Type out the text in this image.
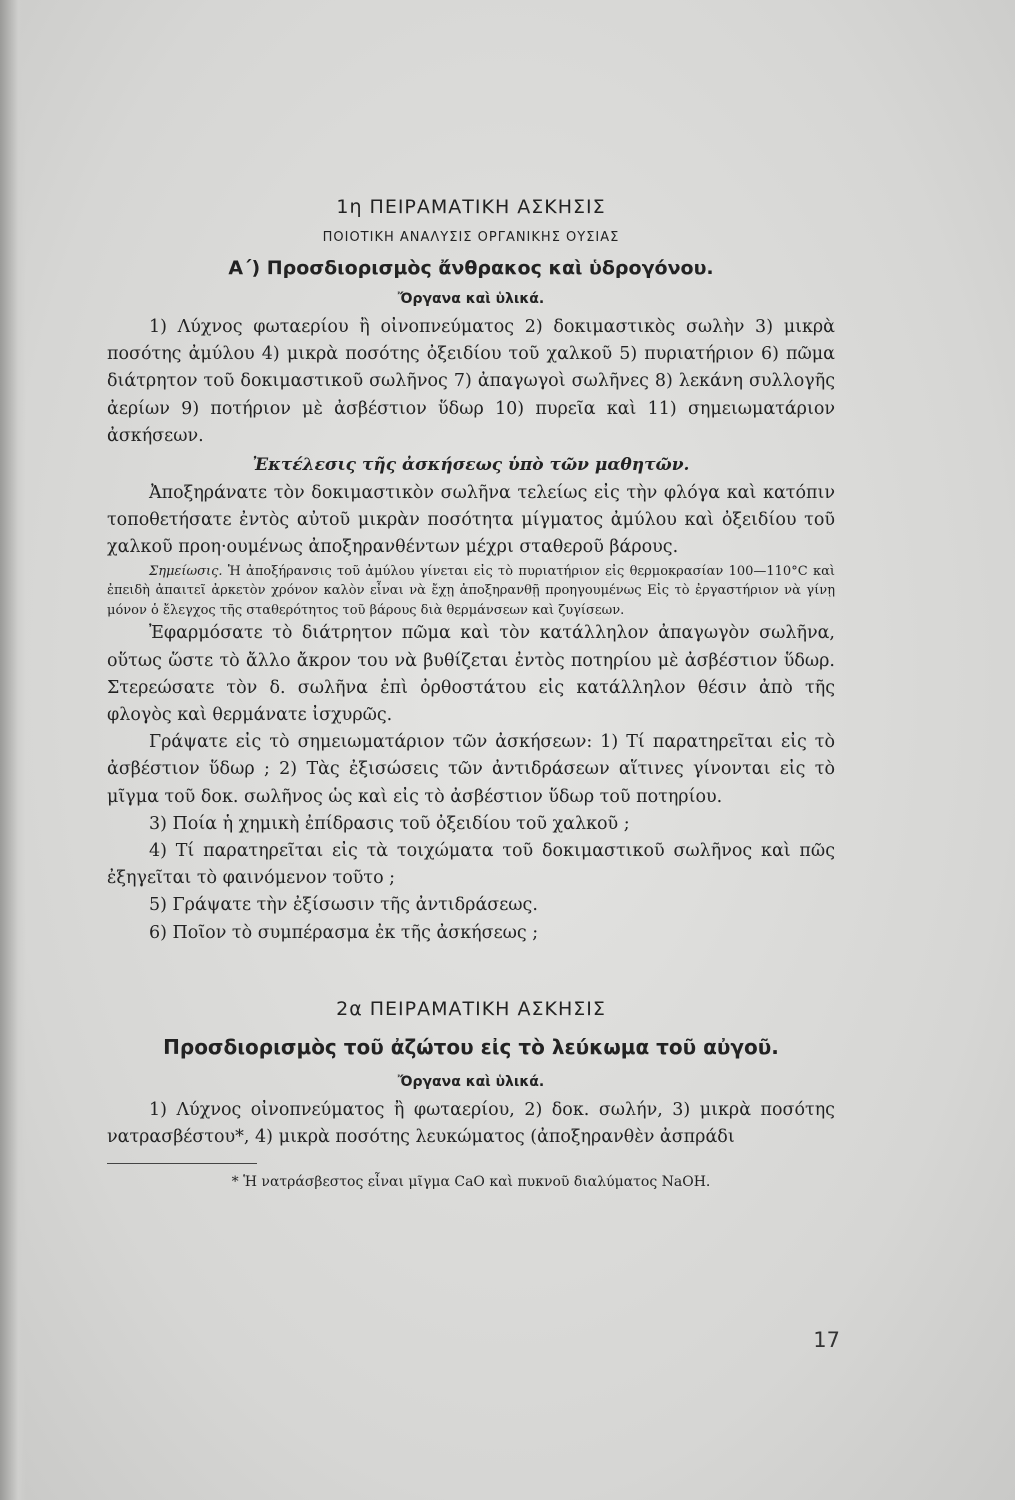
1η ΠΕΙΡΑΜΑΤΙΚΗ ΑΣΚΗΣΙΣ
ΠΟΙΟΤΙΚΗ ΑΝΑΛΥΣΙΣ ΟΡΓΑΝΙΚΗΣ ΟΥΣΙΑΣ
Α΄) Προσδιορισμὸς ἄνθρακος καὶ ὑδρογόνου.
Ὄργανα καὶ ὑλικά.

1) Λύχνος φωταερίου ἢ οἰνοπνεύματος 2) δοκιμαστικὸς σωλὴν 3) μικρὰ ποσότης ἀμύλου 4) μικρὰ ποσότης ὀξειδίου τοῦ χαλκοῦ 5) πυριατήριον 6) πῶμα διάτρητον τοῦ δοκιμαστικοῦ σωλῆνος 7) ἀπαγωγοὶ σωλῆνες 8) λεκάνη συλλογῆς ἀερίων 9) ποτήριον μὲ ἀσβέστιον ὕδωρ 10) πυρεῖα καὶ 11) σημειωματάριον ἀσκήσεων.

Ἐκτέλεσις τῆς ἀσκήσεως ὑπὸ τῶν μαθητῶν.

Ἀποξηράνατε τὸν δοκιμαστικὸν σωλῆνα τελείως εἰς τὴν φλόγα καὶ κατόπιν τοποθετήσατε ἐντὸς αὐτοῦ μικρὰν ποσότητα μίγματος ἀμύλου καὶ ὀξειδίου τοῦ χαλκοῦ προη·ουμένως ἀποξηρανθέντων μέχρι σταθεροῦ βάρους.

Σημείωσις. Ἡ ἀποξήρανσις τοῦ ἀμύλου γίνεται εἰς τὸ πυριατήριον εἰς θερμοκρασίαν 100—110°C καὶ ἐπειδὴ ἀπαιτεῖ ἀρκετὸν χρόνον καλὸν εἶναι νὰ ἔχῃ ἀποξηρανθῇ προηγουμένως Εἰς τὸ ἐργαστήριον νὰ γίνῃ μόνον ὁ ἔλεγχος τῆς σταθερότητος τοῦ βάρους διὰ θερμάνσεων καὶ ζυγίσεων.

Ἐφαρμόσατε τὸ διάτρητον πῶμα καὶ τὸν κατάλληλον ἀπαγωγὸν σωλῆνα, οὕτως ὥστε τὸ ἄλλο ἄκρον του νὰ βυθίζεται ἐντὸς ποτηρίου μὲ ἀσβέστιον ὕδωρ. Στερεώσατε τὸν δ. σωλῆνα ἐπὶ ὀρθοστάτου εἰς κατάλληλον θέσιν ἀπὸ τῆς φλογὸς καὶ θερμάνατε ἰσχυρῶς.

Γράψατε εἰς τὸ σημειωματάριον τῶν ἀσκήσεων: 1) Τί παρατηρεῖται εἰς τὸ ἀσβέστιον ὕδωρ ; 2) Τὰς ἐξισώσεις τῶν ἀντιδράσεων αἵτινες γίνονται εἰς τὸ μῖγμα τοῦ δοκ. σωλῆνος ὡς καὶ εἰς τὸ ἀσβέστιον ὕδωρ τοῦ ποτηρίου.

3) Ποία ἡ χημικὴ ἐπίδρασις τοῦ ὀξειδίου τοῦ χαλκοῦ ;

4) Τί παρατηρεῖται εἰς τὰ τοιχώματα τοῦ δοκιμαστικοῦ σωλῆνος καὶ πῶς ἐξηγεῖται τὸ φαινόμενον τοῦτο ;

5) Γράψατε τὴν ἐξίσωσιν τῆς ἀντιδράσεως.

6) Ποῖον τὸ συμπέρασμα ἐκ τῆς ἀσκήσεως ;

2α ΠΕΙΡΑΜΑΤΙΚΗ ΑΣΚΗΣΙΣ
Προσδιορισμὸς τοῦ ἀζώτου εἰς τὸ λεύκωμα τοῦ αὐγοῦ.
Ὄργανα καὶ ὑλικά.

1) Λύχνος οἰνοπνεύματος ἢ φωταερίου, 2) δοκ. σωλήν, 3) μικρὰ ποσότης νατρασβέστου*, 4) μικρὰ ποσότης λευκώματος (ἀποξηρανθὲν ἀσπράδι

* Ἡ νατράσβεστος εἶναι μῖγμα CaO καὶ πυκνοῦ διαλύματος NaOH.

17
